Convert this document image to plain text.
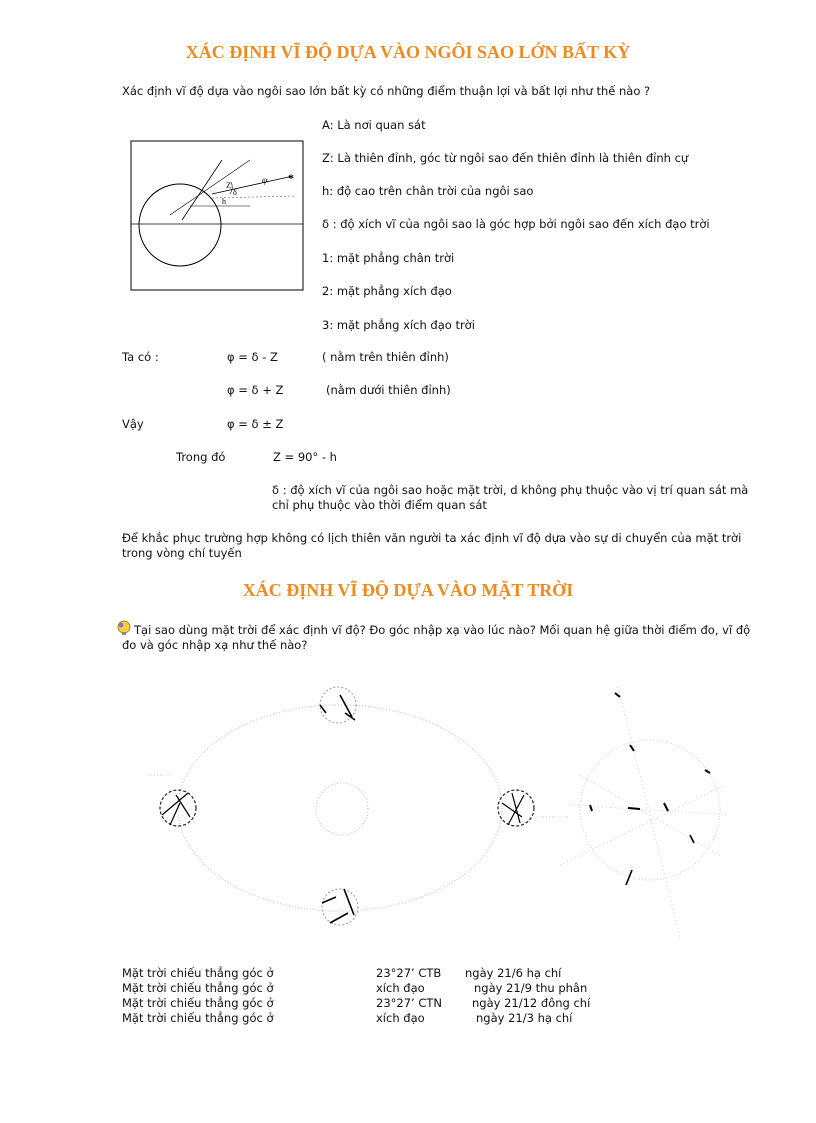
XÁC ĐỊNH VĨ ĐỘ DỰA VÀO NGÔI SAO LỚN BẤT KỲ
Xác định vĩ độ dựa vào ngôi sao lớn bất kỳ có những điểm thuận lợi và bất lợi như thế nào ?
Z
δ
φ
h
*
A: Là nơi quan sát
Z: Là thiên đỉnh, góc từ ngôi sao đến thiên đỉnh là thiên đỉnh cự
h: độ cao trên chân trời của ngôi sao
δ : độ xích vĩ của ngôi sao là góc hợp bởi ngôi sao đến xích đạo trời
1: mặt phẳng chân trời
2: mặt phẳng xích đạo
3: mặt phẳng xích đạo trời
Ta có :	φ = δ - Z	( nằm trên thiên đỉnh)
φ = δ + Z	(nằm dưới thiên đỉnh)
Vậy	φ = δ ± Z
Trong đó	Z = 90° - h
δ : độ xích vĩ của ngôi sao hoặc mặt trời, d không phụ thuộc vào vị trí quan sát mà chỉ phụ thuộc vào thời điểm quan sát
Để khắc phục trường hợp không có lịch thiên văn người ta xác định vĩ độ dựa vào sự di chuyển của mặt trời trong vòng chí tuyến
XÁC ĐỊNH VĨ ĐỘ DỰA VÀO MẶT TRỜI
Tại sao dùng mặt trời để xác định vĩ độ? Đo góc nhập xạ vào lúc nào? Mối quan hệ giữa thời điểm đo, vĩ độ đo và góc nhập xạ như thế nào?
Mặt trời chiếu thẳng góc ở	23°27’ CTB ngày 21/6 hạ chí
Mặt trời chiếu thẳng góc ở	xích đạo	ngày 21/9 thu phân
Mặt trời chiếu thẳng góc ở	23°27’ CTN	ngày 21/12 đông chí
Mặt trời chiếu thẳng góc ở	xích đạo	ngày 21/3 hạ chí
